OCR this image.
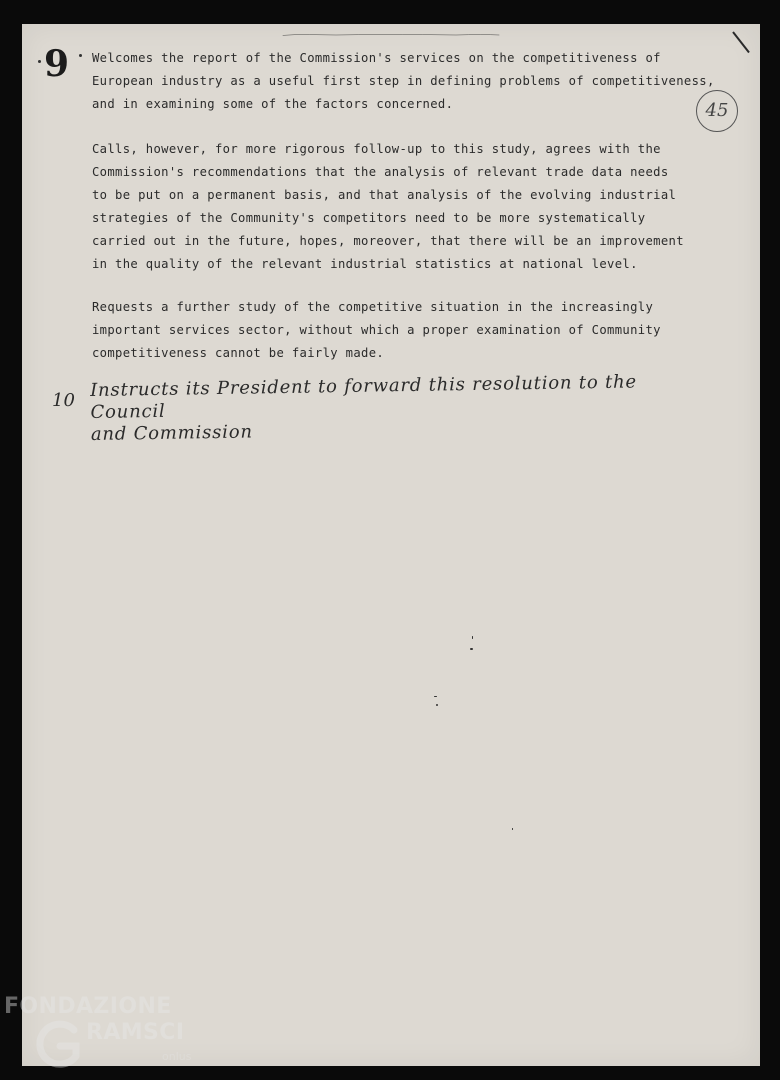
9
45

Welcomes the report of the Commission's services on the competitiveness of
European industry as a useful first step in defining problems of competitiveness,
and in examining some of the factors concerned.

Calls, however, for more rigorous follow-up to this study, agrees with the
Commission's recommendations that the analysis of relevant trade data needs
to be put on a permanent basis, and that analysis of the evolving industrial
strategies of the Community's competitors need to be more systematically
carried out in the future, hopes, moreover, that there will be an improvement
in the quality of the relevant industrial statistics at national level.

Requests a further study of the competitive situation in the increasingly
important services sector, without which a proper examination of Community
competitiveness cannot be fairly made.

10 Instructs its President to forward this resolution to the Council
and Commission
FONDAZIONE
RAMSCI
onlus
